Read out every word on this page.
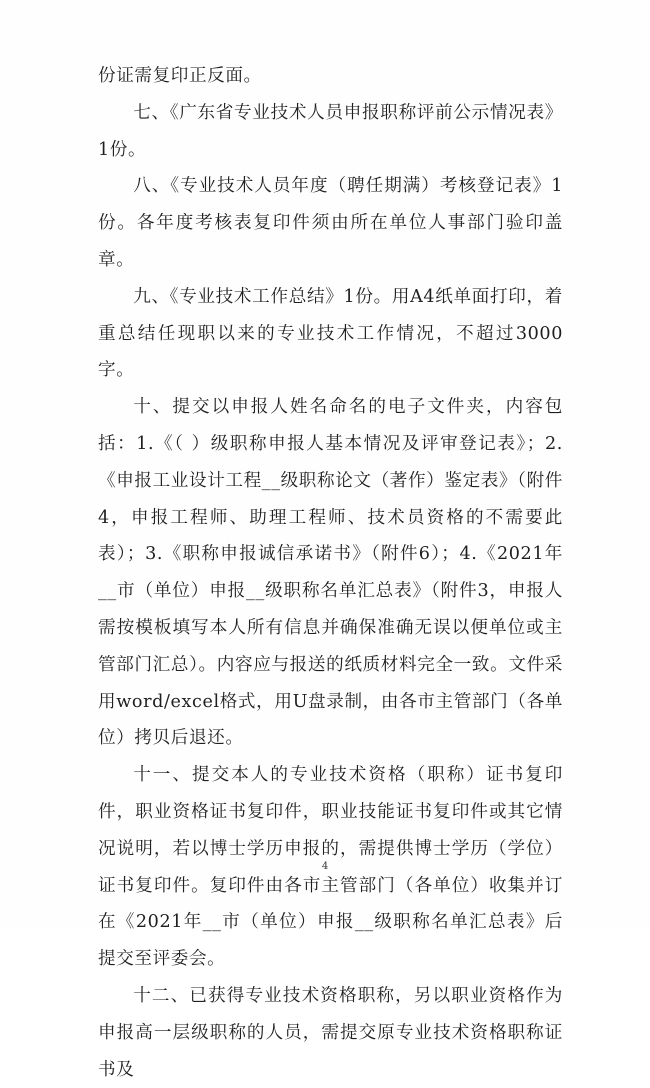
份证需复印正反面。

七、《广东省专业技术人员申报职称评前公示情况表》1份。

八、《专业技术人员年度（聘任期满）考核登记表》1份。各年度考核表复印件须由所在单位人事部门验印盖章。

九、《专业技术工作总结》1份。用A4纸单面打印，着重总结任现职以来的专业技术工作情况，不超过3000字。

十、提交以申报人姓名命名的电子文件夹，内容包括：1.《（ ）级职称申报人基本情况及评审登记表》；2.《申报工业设计工程__级职称论文（著作）鉴定表》（附件4，申报工程师、助理工程师、技术员资格的不需要此表）；3.《职称申报诚信承诺书》（附件6）；4.《2021年__市（单位）申报__级职称名单汇总表》（附件3，申报人需按模板填写本人所有信息并确保准确无误以便单位或主管部门汇总）。内容应与报送的纸质材料完全一致。文件采用word/excel格式，用U盘录制，由各市主管部门（各单位）拷贝后退还。

十一、提交本人的专业技术资格（职称）证书复印件，职业资格证书复印件，职业技能证书复印件或其它情况说明，若以博士学历申报的，需提供博士学历（学位）证书复印件。复印件由各市主管部门（各单位）收集并订在《2021年__市（单位）申报__级职称名单汇总表》后提交至评委会。

十二、已获得专业技术资格职称，另以职业资格作为申报高一层级职称的人员，需提交原专业技术资格职称证书及

4
